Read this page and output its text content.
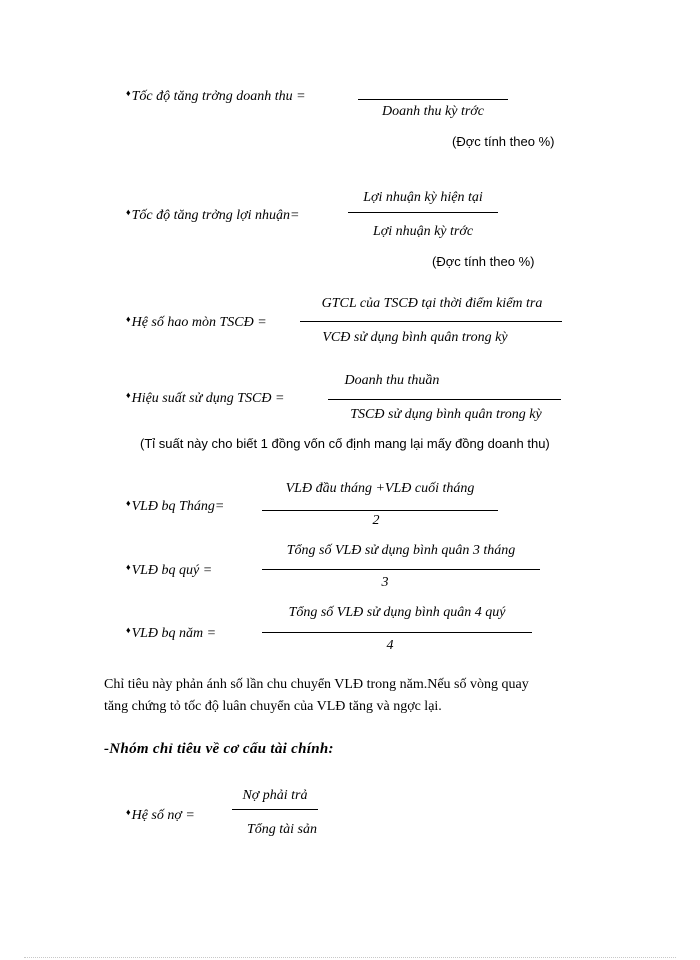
♦Tốc độ tăng trởng doanh thu =
Doanh thu kỳ trớc
(Đợc tính theo %)
♦Tốc độ tăng trởng lợi nhuận=
Lợi nhuận kỳ hiện tại
Lợi nhuận kỳ trớc
(Đợc tính theo %)
♦Hệ số hao mòn TSCĐ =
GTCL của TSCĐ tại thời điểm kiểm tra
VCĐ sử dụng bình quân trong kỳ
♦Hiệu suất sử dụng TSCĐ =
Doanh thu thuần
TSCĐ sử dụng bình quân trong kỳ
(Tỉ suất này cho biết 1 đồng vốn cố định mang lại mấy đồng doanh thu)
♦VLĐ bq Tháng=
VLĐ đầu tháng +VLĐ cuối tháng
2
♦VLĐ bq quý =
Tổng số VLĐ sử dụng bình quân 3 tháng
3
♦VLĐ bq năm =
Tổng số VLĐ sử dụng bình quân 4 quý
4
Chỉ tiêu này phản ánh số lần chu chuyển VLĐ trong năm.Nếu số vòng quay
tăng chứng tỏ tốc độ luân chuyển của VLĐ tăng và ngợc lại.
-Nhóm chỉ tiêu về cơ cấu tài chính:
♦Hệ số nợ =
Nợ phải trả
Tổng tài sản
